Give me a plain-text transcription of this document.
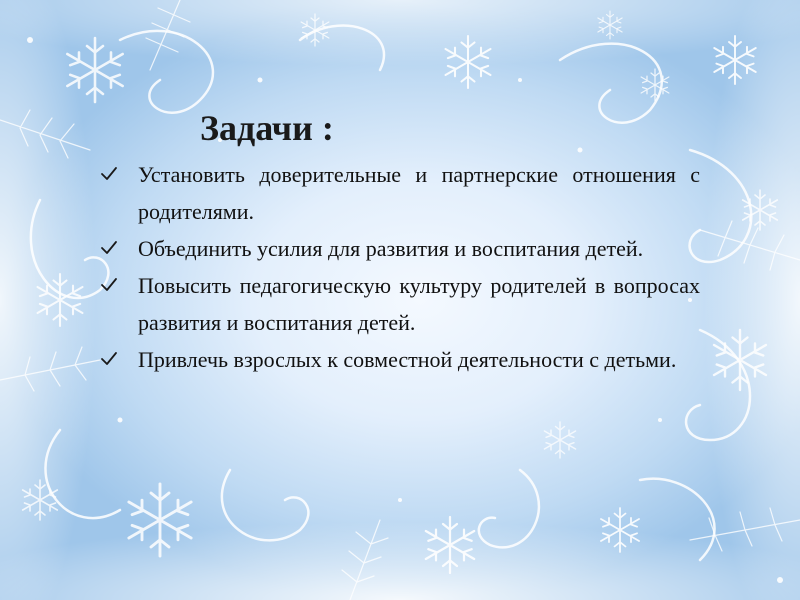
Задачи :
Установить доверительные и партнерские отношения с родителями.
Объединить усилия для развития и воспитания детей.
Повысить педагогическую культуру родителей в вопросах развития и воспитания детей.
Привлечь взрослых к совместной деятельности с детьми.
